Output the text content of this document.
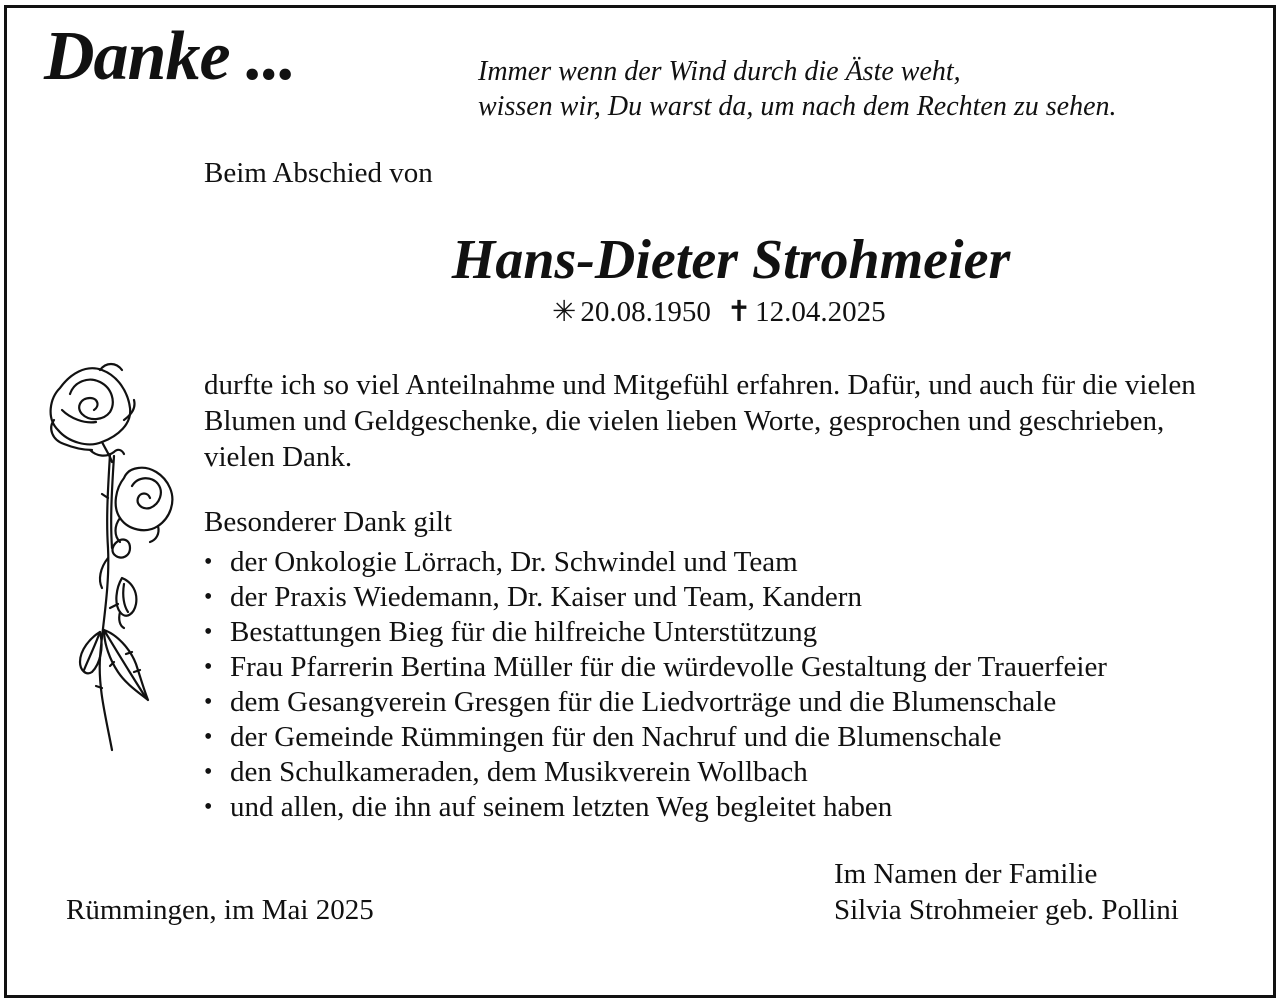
Danke ...	Immer wenn der Wind durch die Äste weht,
wissen wir, Du warst da, um nach dem Rechten zu sehen.
Beim Abschied von
Hans-Dieter Strohmeier
✳ 20.08.1950 ✝ 12.04.2025
durfte ich so viel Anteilnahme und Mitgefühl erfahren. Dafür, und auch für die vielen Blumen und Geldgeschenke, die vielen lieben Worte, gesprochen und geschrieben, vielen Dank.
Besonderer Dank gilt
• der Onkologie Lörrach, Dr. Schwindel und Team
• der Praxis Wiedemann, Dr. Kaiser und Team, Kandern
• Bestattungen Bieg für die hilfreiche Unterstützung
• Frau Pfarrerin Bertina Müller für die würdevolle Gestaltung der Trauerfeier
• dem Gesangverein Gresgen für die Liedvorträge und die Blumenschale
• der Gemeinde Rümmingen für den Nachruf und die Blumenschale
• den Schulkameraden, dem Musikverein Wollbach
• und allen, die ihn auf seinem letzten Weg begleitet haben
Im Namen der Familie
Silvia Strohmeier geb. Pollini
Rümmingen, im Mai 2025
